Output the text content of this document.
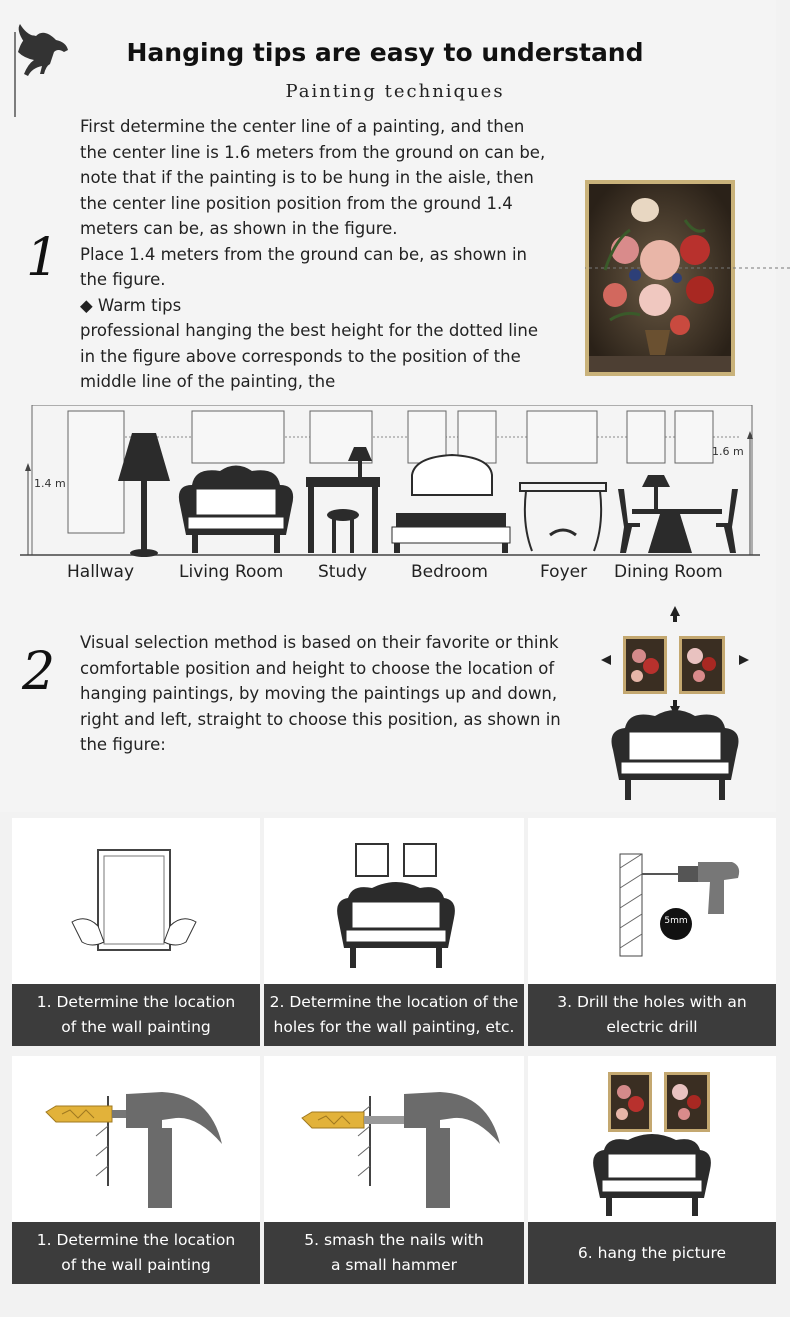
Hanging tips are easy to understand
Painting techniques
First determine the center line of a painting, and then
the center line is 1.6 meters from the ground on can be,
note that if the painting is to be hung in the aisle, then
the center line position position from the ground 1.4
meters can be, as shown in the figure.
Place 1.4 meters from the ground can be, as shown in
the figure.
◆ Warm tips
professional hanging the best height for the dotted line
in the figure above corresponds to the position of the
middle line of the painting, the
1
1.4 m
1.6 m
Hallway	Living Room Study	Bedroom	Foyer Dining Room
Visual selection method is based on their favorite or think
comfortable position and height to choose the location of
hanging paintings, by moving the paintings up and down,
right and left, straight to choose this position, as shown in
the figure:
2
5mm
1. Determine the location
of the wall painting
2. Determine the location of the
holes for the wall painting, etc.
3. Drill the holes with an
electric drill
1. Determine the location
of the wall painting
5. smash the nails with
a small hammer
6. hang the picture
